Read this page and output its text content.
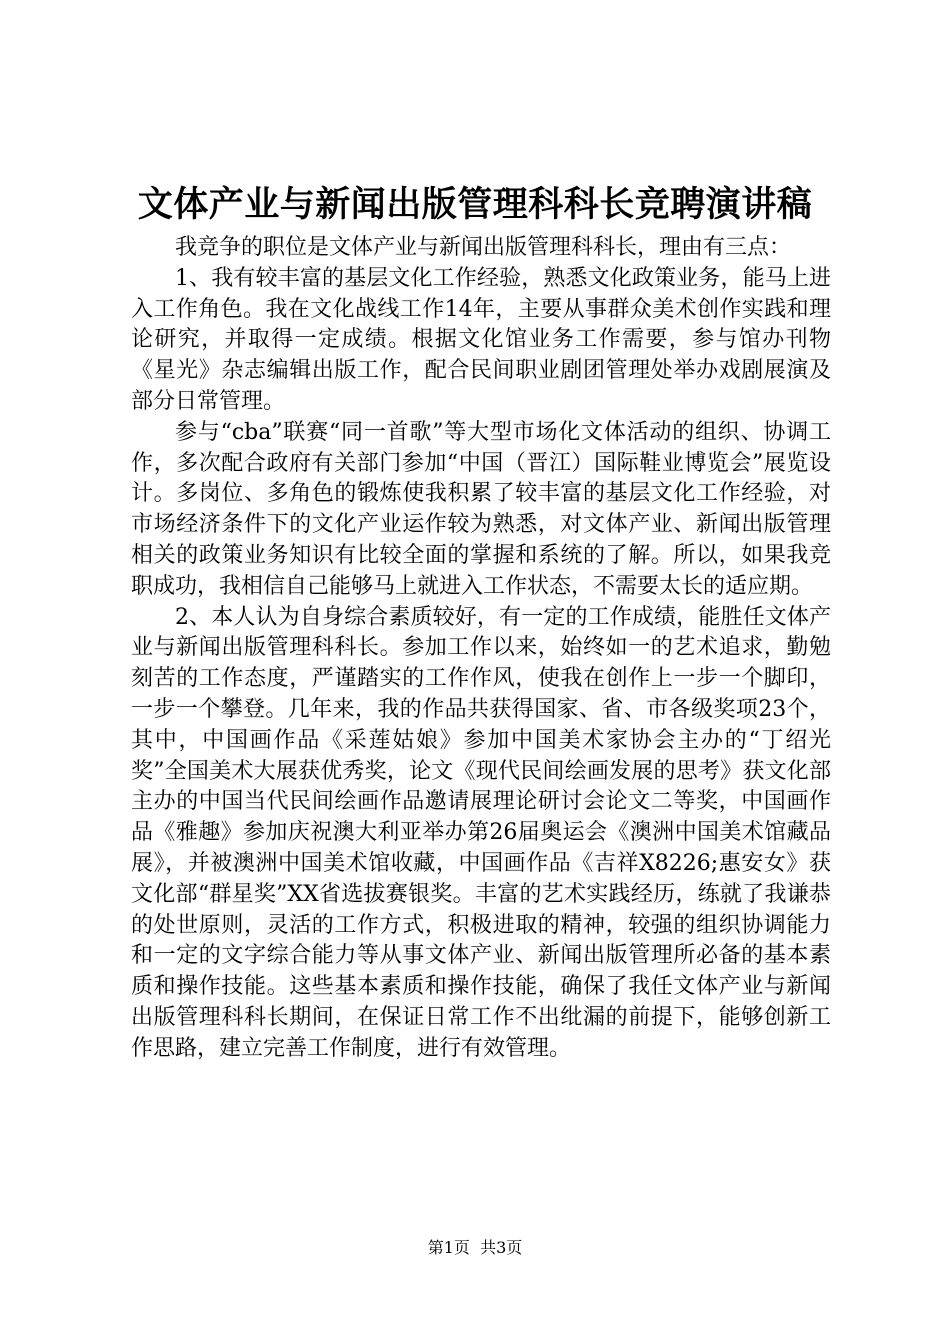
文体产业与新闻出版管理科科长竞聘演讲稿

我竞争的职位是文体产业与新闻出版管理科科长，理由有三点：

1、我有较丰富的基层文化工作经验，熟悉文化政策业务，能马上进入工作角色。我在文化战线工作14年，主要从事群众美术创作实践和理论研究，并取得一定成绩。根据文化馆业务工作需要，参与馆办刊物《星光》杂志编辑出版工作，配合民间职业剧团管理处举办戏剧展演及部分日常管理。

参与“cba”联赛“同一首歌”等大型市场化文体活动的组织、协调工作，多次配合政府有关部门参加“中国（晋江）国际鞋业博览会”展览设计。多岗位、多角色的锻炼使我积累了较丰富的基层文化工作经验，对市场经济条件下的文化产业运作较为熟悉，对文体产业、新闻出版管理相关的政策业务知识有比较全面的掌握和系统的了解。所以，如果我竞职成功，我相信自己能够马上就进入工作状态，不需要太长的适应期。

2、本人认为自身综合素质较好，有一定的工作成绩，能胜任文体产业与新闻出版管理科科长。参加工作以来，始终如一的艺术追求，勤勉刻苦的工作态度，严谨踏实的工作作风，使我在创作上一步一个脚印，一步一个攀登。几年来，我的作品共获得国家、省、市各级奖项23个，其中，中国画作品《采莲姑娘》参加中国美术家协会主办的“丁绍光奖”全国美术大展获优秀奖，论文《现代民间绘画发展的思考》获文化部主办的中国当代民间绘画作品邀请展理论研讨会论文二等奖，中国画作品《雅趣》参加庆祝澳大利亚举办第26届奥运会《澳洲中国美术馆藏品展》，并被澳洲中国美术馆收藏，中国画作品《吉祥X8226;惠安女》获文化部“群星奖”XX省选拔赛银奖。丰富的艺术实践经历，练就了我谦恭的处世原则，灵活的工作方式，积极进取的精神，较强的组织协调能力和一定的文字综合能力等从事文体产业、新闻出版管理所必备的基本素质和操作技能。这些基本素质和操作技能，确保了我任文体产业与新闻出版管理科科长期间，在保证日常工作不出纰漏的前提下，能够创新工作思路，建立完善工作制度，进行有效管理。

第1页 共3页
